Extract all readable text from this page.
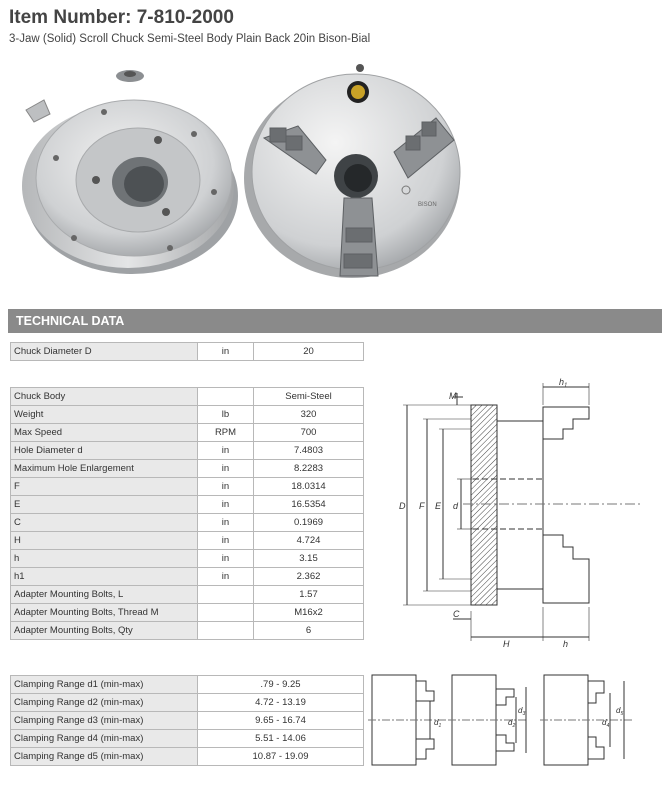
Item Number: 7-810-2000
3-Jaw (Solid) Scroll Chuck Semi-Steel Body Plain Back 20in Bison-Bial
BISON
TECHNICAL DATA
Chuck Diameter D	in	20
Chuck Body		Semi-Steel
Weight	lb	320
Max Speed	RPM	700
Hole Diameter d	in	7.4803
Maximum Hole Enlargement	in	8.2283
F	in	18.0314
E	in	16.5354
C	in	0.1969
H	in	4.724
h	in	3.15
h1	in	2.362
Adapter Mounting Bolts, L		1.57
Adapter Mounting Bolts, Thread M		M16x2
Adapter Mounting Bolts, Qty		6
Clamping Range d1 (min-max)	.79 - 9.25
Clamping Range d2 (min-max)	4.72 - 13.19
Clamping Range d3 (min-max)	9.65 - 16.74
Clamping Range d4 (min-max)	5.51 - 14.06
Clamping Range d5 (min-max)	10.87 - 19.09
D F E d
M
C
H	h
$h_1$
$d_1$	$d_2$
$d_3$
$d_4$
$d_5$
